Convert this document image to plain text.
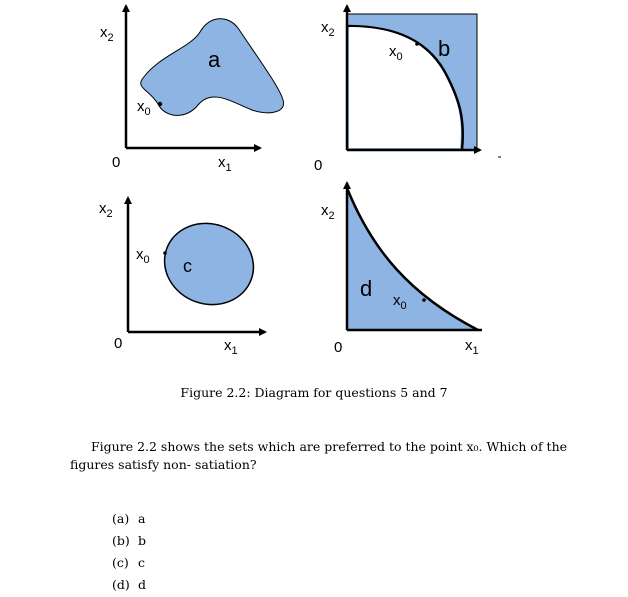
a
$x_2$
$x_1$
0
$x_0$
b
$x_2$
0
$x_0$
c
$x_2$
$x_1$
0
$x_0$
d
$x_2$
$x_1$
0
$x_0$
Figure 2.2: Diagram for questions 5 and 7
Figure 2.2 shows the sets which are preferred to the point x₀. Which of the
figures satisfy non- satiation?
(a) a
(b) b
(c) c
(d) d
